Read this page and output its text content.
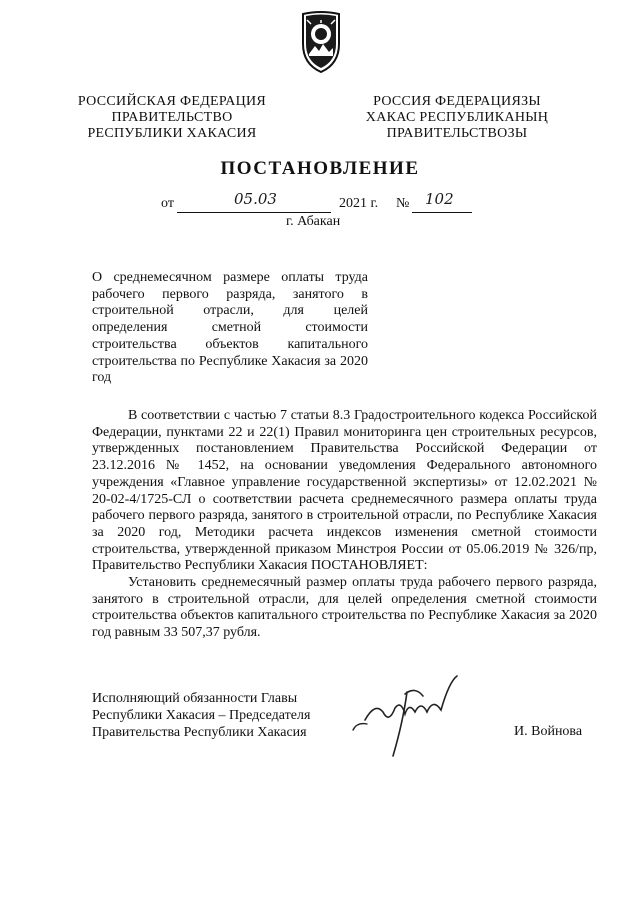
РОССИЙСКАЯ ФЕДЕРАЦИЯ
ПРАВИТЕЛЬСТВО
РЕСПУБЛИКИ ХАКАСИЯ
РОССИЯ ФЕДЕРАЦИЯЗЫ
ХАКАС РЕСПУБЛИКАНЫҢ
ПРАВИТЕЛЬСТВОЗЫ
ПОСТАНОВЛЕНИЕ
от	05.03	2021 г. № 102
г. Абакан
О среднемесячном размере оплаты труда рабочего первого разряда, занятого в строительной отрасли, для целей определения сметной стоимости строительства объектов капитального строительства по Республике Хакасия за 2020 год

В соответствии с частью 7 статьи 8.3 Градостроительного кодекса Российской Федерации, пунктами 22 и 22(1) Правил мониторинга цен строительных ресурсов, утвержденных постановлением Правительства Российской Федерации от 23.12.2016 № 1452, на основании уведомления Федерального автономного учреждения «Главное управление государственной экспертизы» от 12.02.2021 № 20-02-4/1725-СЛ о соответствии расчета среднемесячного размера оплаты труда рабочего первого разряда, занятого в строительной отрасли, по Республике Хакасия за 2020 год, Методики расчета индексов изменения сметной стоимости строительства, утвержденной приказом Минстроя России от 05.06.2019 № 326/пр, Правительство Республики Хакасия ПОСТАНОВЛЯЕТ:

Установить среднемесячный размер оплаты труда рабочего первого разряда, занятого в строительной отрасли, для целей определения сметной стоимости строительства объектов капитального строительства по Республике Хакасия за 2020 год равным 33 507,37 рубля.

Исполняющий обязанности Главы
Республики Хакасия – Председателя
Правительства Республики Хакасия	И. Войнова
